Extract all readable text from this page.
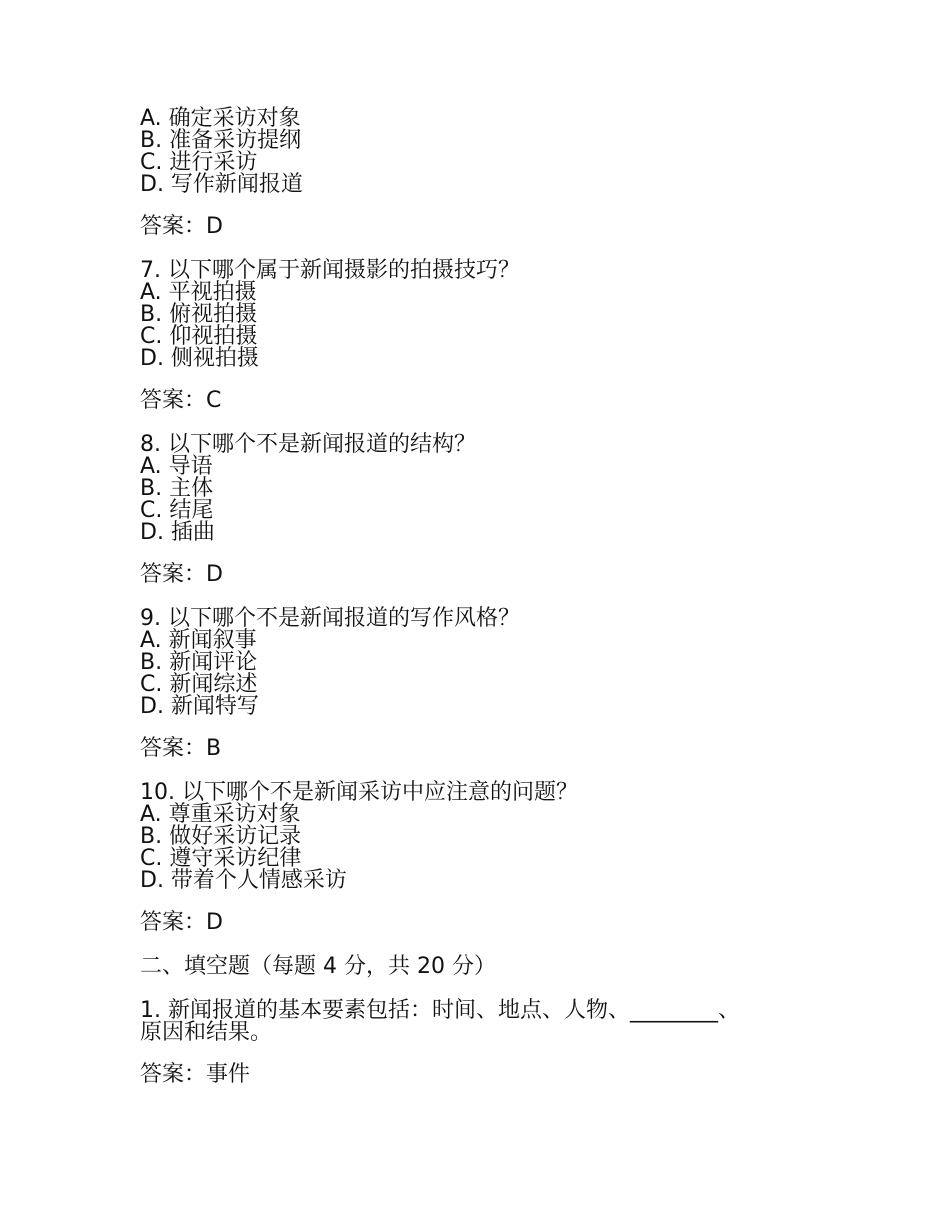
A. 确定采访对象
B. 准备采访提纲
C. 进行采访
D. 写作新闻报道
答案：D
7. 以下哪个属于新闻摄影的拍摄技巧？
A. 平视拍摄
B. 俯视拍摄
C. 仰视拍摄
D. 侧视拍摄
答案：C
8. 以下哪个不是新闻报道的结构？
A. 导语
B. 主体
C. 结尾
D. 插曲
答案：D
9. 以下哪个不是新闻报道的写作风格？
A. 新闻叙事
B. 新闻评论
C. 新闻综述
D. 新闻特写
答案：B
10. 以下哪个不是新闻采访中应注意的问题？
A. 尊重采访对象
B. 做好采访记录
C. 遵守采访纪律
D. 带着个人情感采访
答案：D
二、填空题（每题 4 分，共 20 分）
1. 新闻报道的基本要素包括：时间、地点、人物、________、
原因和结果。
答案：事件
